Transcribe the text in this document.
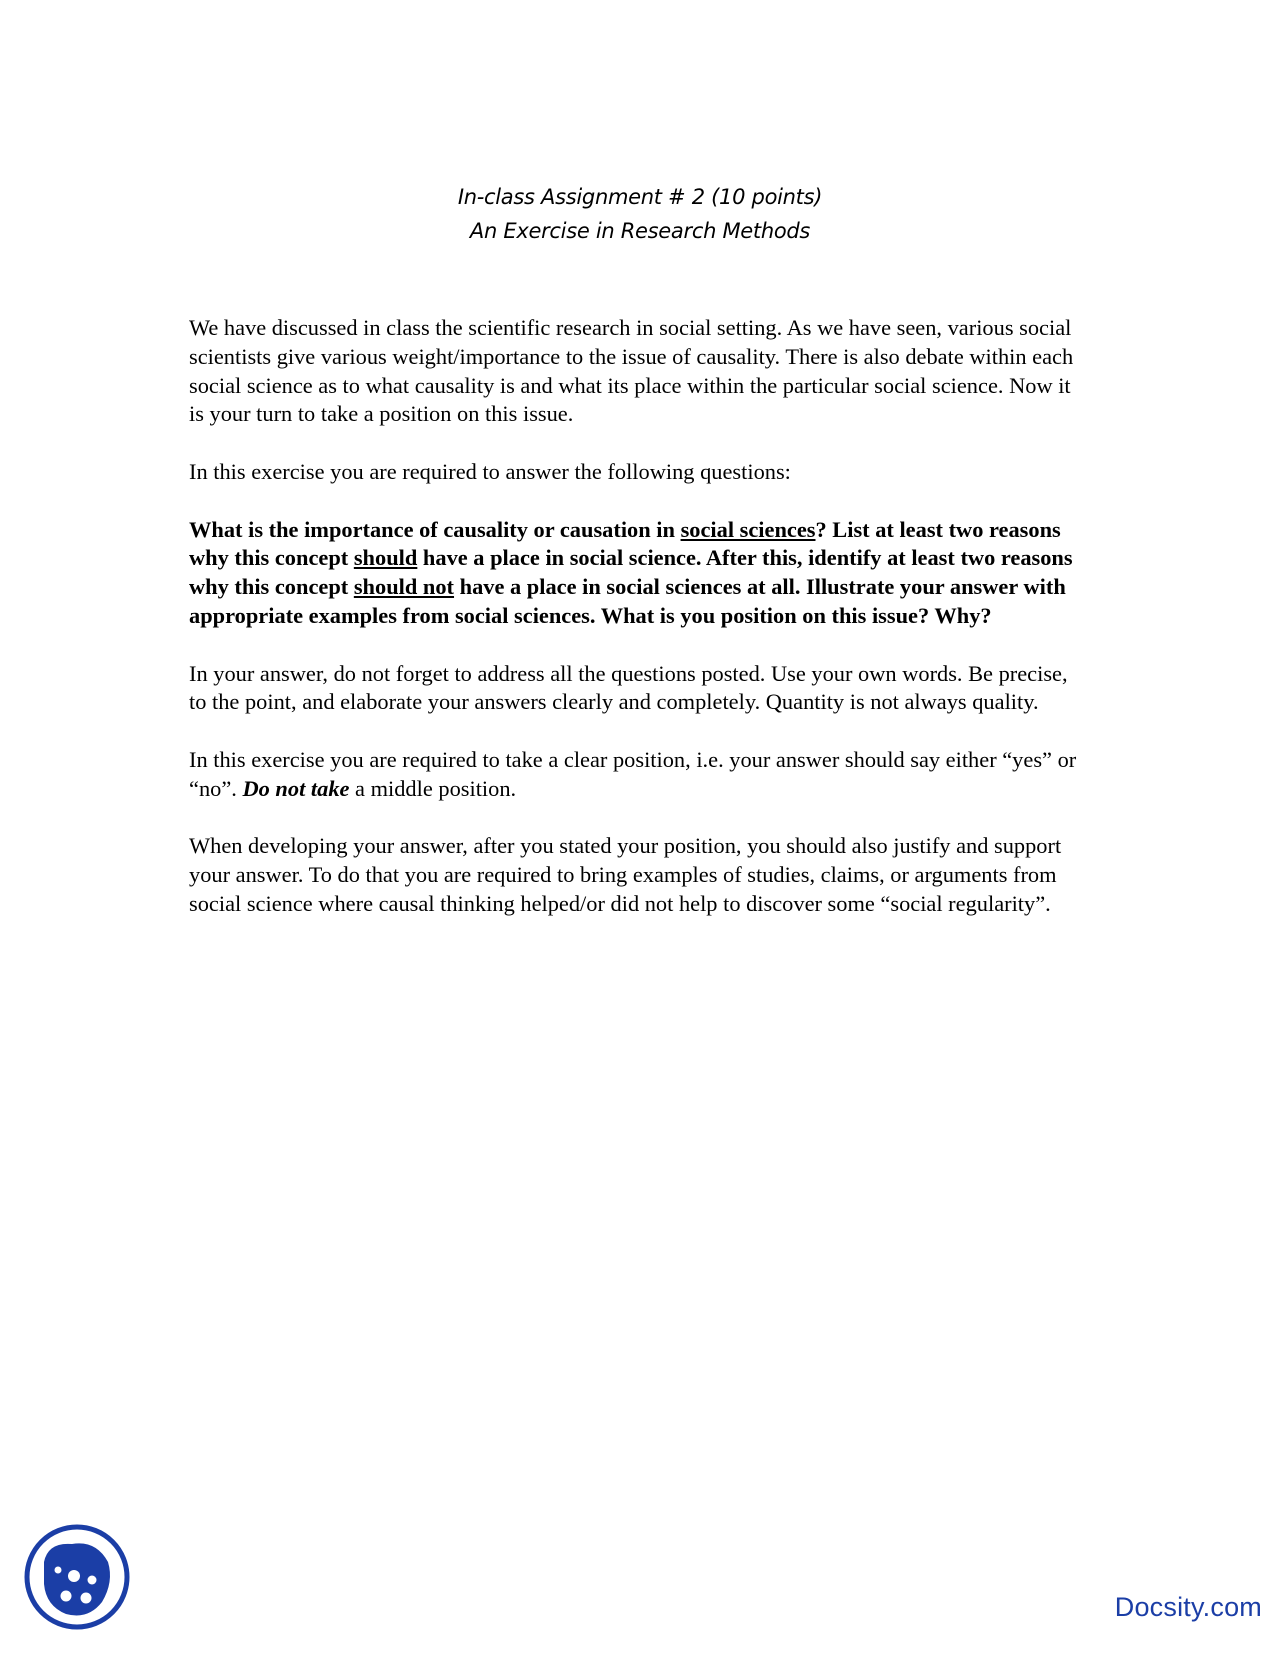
In-class Assignment # 2 (10 points)
An Exercise in Research Methods

We have discussed in class the scientific research in social setting. As we have seen, various social scientists give various weight/importance to the issue of causality. There is also debate within each social science as to what causality is and what its place within the particular social science. Now it is your turn to take a position on this issue.

In this exercise you are required to answer the following questions:

What is the importance of causality or causation in social sciences? List at least two reasons why this concept should have a place in social science. After this, identify at least two reasons why this concept should not have a place in social sciences at all. Illustrate your answer with appropriate examples from social sciences. What is you position on this issue? Why?

In your answer, do not forget to address all the questions posted. Use your own words. Be precise, to the point, and elaborate your answers clearly and completely. Quantity is not always quality.

In this exercise you are required to take a clear position, i.e. your answer should say either “yes” or “no”. Do not take a middle position.

When developing your answer, after you stated your position, you should also justify and support your answer. To do that you are required to bring examples of studies, claims, or arguments from social science where causal thinking helped/or did not help to discover some “social regularity”.

Docsity.com
